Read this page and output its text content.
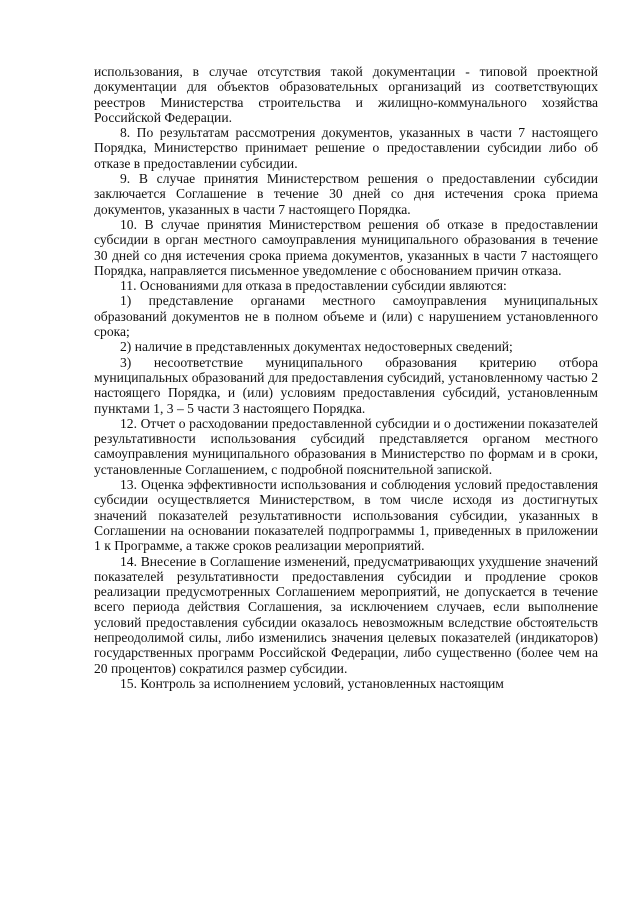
использования, в случае отсутствия такой документации - типовой проектной документации для объектов образовательных организаций из соответствующих реестров Министерства строительства и жилищно-коммунального хозяйства Российской Федерации.

8. По результатам рассмотрения документов, указанных в части 7 настоящего Порядка, Министерство принимает решение о предоставлении субсидии либо об отказе в предоставлении субсидии.

9. В случае принятия Министерством решения о предоставлении субсидии заключается Соглашение в течение 30 дней со дня истечения срока приема документов, указанных в части 7 настоящего Порядка.

10. В случае принятия Министерством решения об отказе в предоставлении субсидии в орган местного самоуправления муниципального образования в течение 30 дней со дня истечения срока приема документов, указанных в части 7 настоящего Порядка, направляется письменное уведомление с обоснованием причин отказа.

11. Основаниями для отказа в предоставлении субсидии являются:

1) представление органами местного самоуправления муниципальных образований документов не в полном объеме и (или) с нарушением установленного срока;

2) наличие в представленных документах недостоверных сведений;

3) несоответствие муниципального образования критерию отбора муниципальных образований для предоставления субсидий, установленному частью 2 настоящего Порядка, и (или) условиям предоставления субсидий, установленным пунктами 1, 3 – 5 части 3 настоящего Порядка.

12. Отчет о расходовании предоставленной субсидии и о достижении показателей результативности использования субсидий представляется органом местного самоуправления муниципального образования в Министерство по формам и в сроки, установленные Соглашением, с подробной пояснительной запиской.

13. Оценка эффективности использования и соблюдения условий предоставления субсидии осуществляется Министерством, в том числе исходя из достигнутых значений показателей результативности использования субсидии, указанных в Соглашении на основании показателей подпрограммы 1, приведенных в приложении 1 к Программе, а также сроков реализации мероприятий.

14. Внесение в Соглашение изменений, предусматривающих ухудшение значений показателей результативности предоставления субсидии и продление сроков реализации предусмотренных Соглашением мероприятий, не допускается в течение всего периода действия Соглашения, за исключением случаев, если выполнение условий предоставления субсидии оказалось невозможным вследствие обстоятельств непреодолимой силы, либо изменились значения целевых показателей (индикаторов) государственных программ Российской Федерации, либо существенно (более чем на 20 процентов) сократился размер субсидии.

15. Контроль за исполнением условий, установленных настоящим
